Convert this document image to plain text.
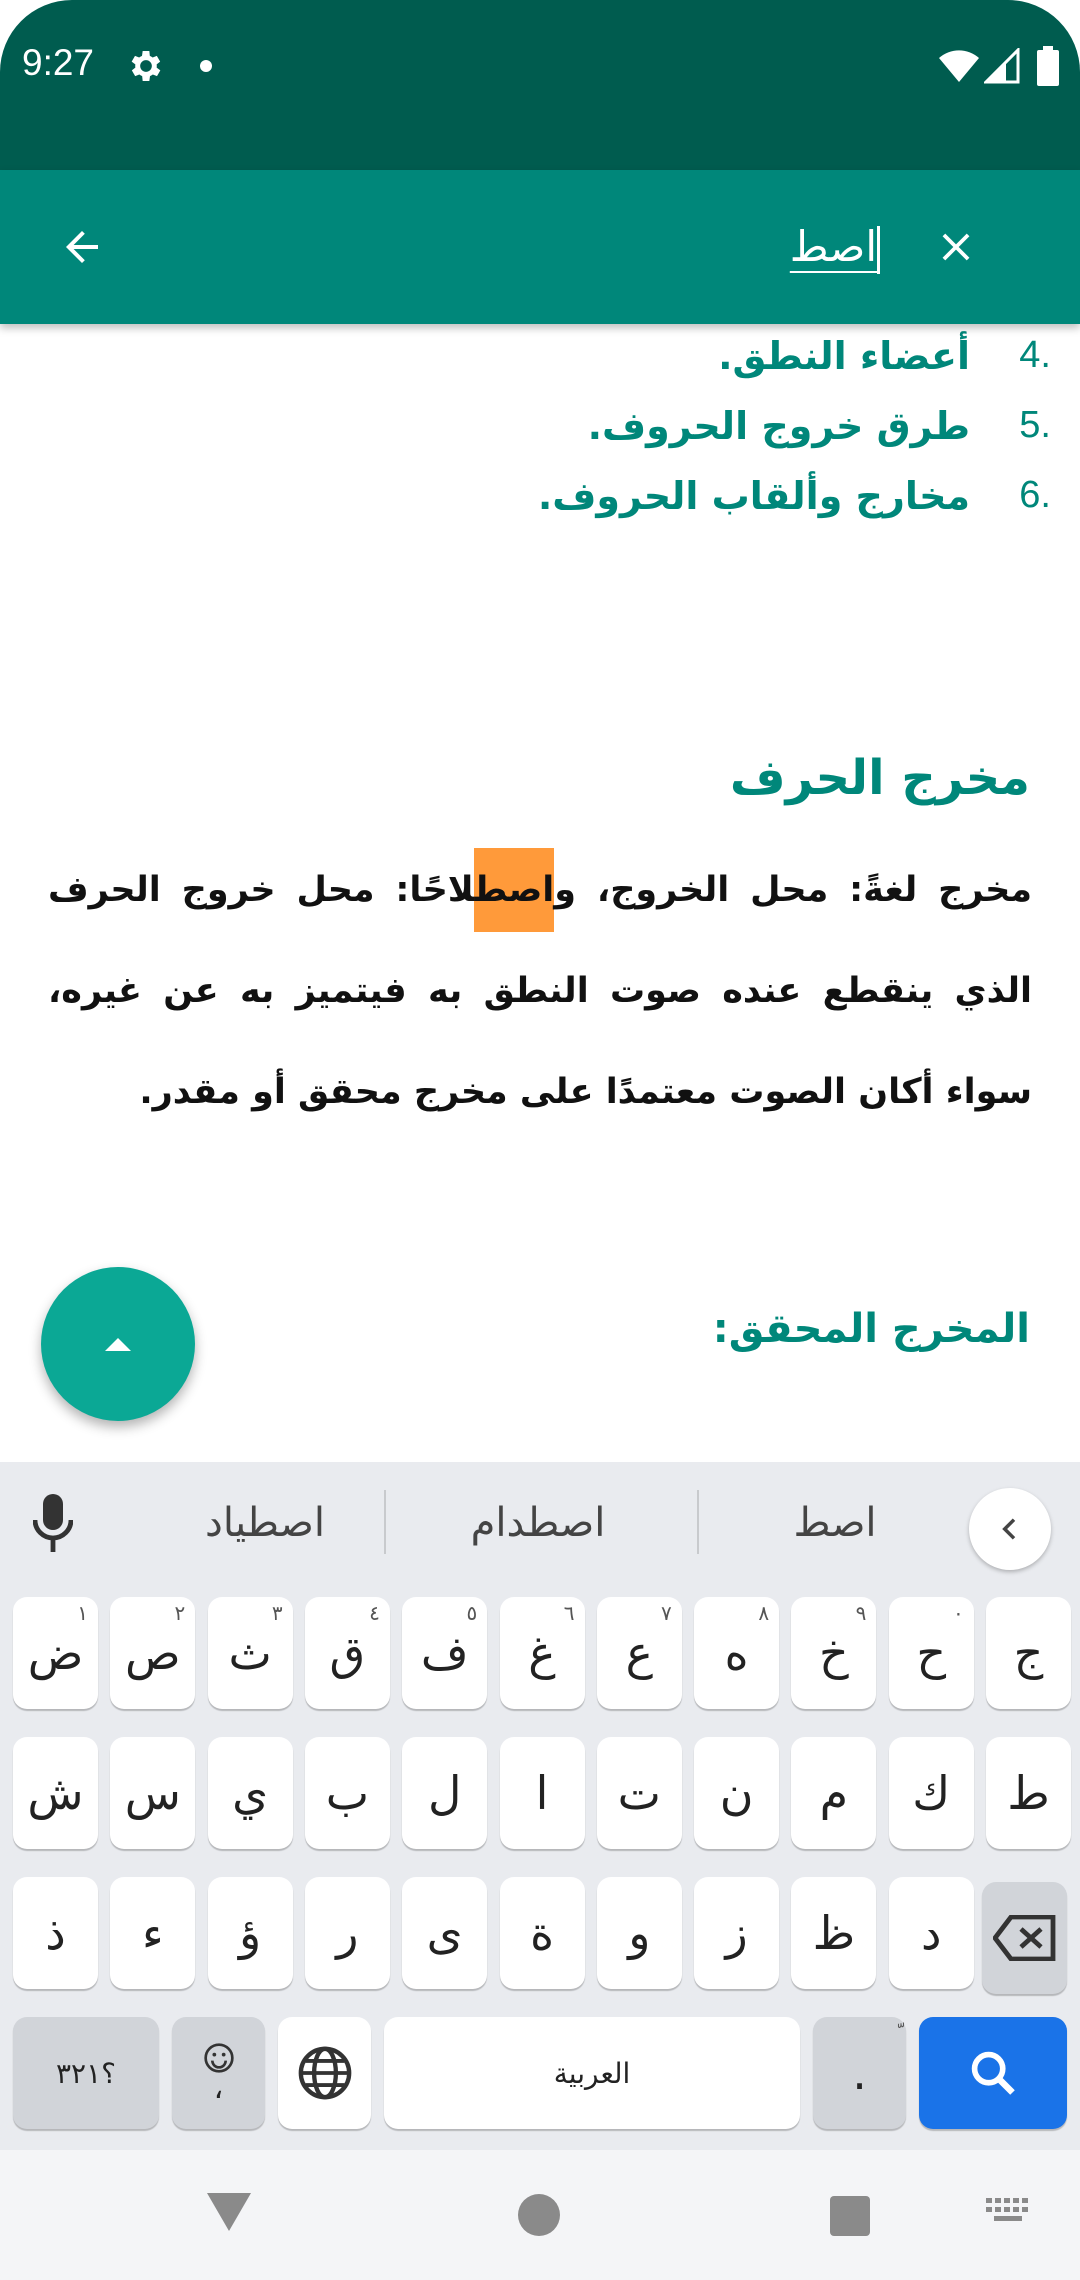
9:27
اصط
أعضاء النطق. 4.
طرق خروج الحروف. 5.
مخارج وألقاب الحروف. 6.
مخرج الحرف

مخرج لغةً: محل الخروج، واصطلاحًا: محل خروج الحرف الذي ينقطع عنده صوت النطق به فيتميز به عن غيره، سواء أكان الصوت معتمدًا على مخرج محقق أو مقدر.

المخرج المحقق:
اصطياد	اصطدام	اصط
ض
١
ص
٢
ث
٣
ق
٤
ف
٥
غ
٦
ع
٧
ه
٨
خ
٩
ح
٠
ج
ش س ي ب ل ا ت ن م ك ط
ذ ء ؤ ر ى ة و ز ظ د
؟٣٢١	،	العربية	.
